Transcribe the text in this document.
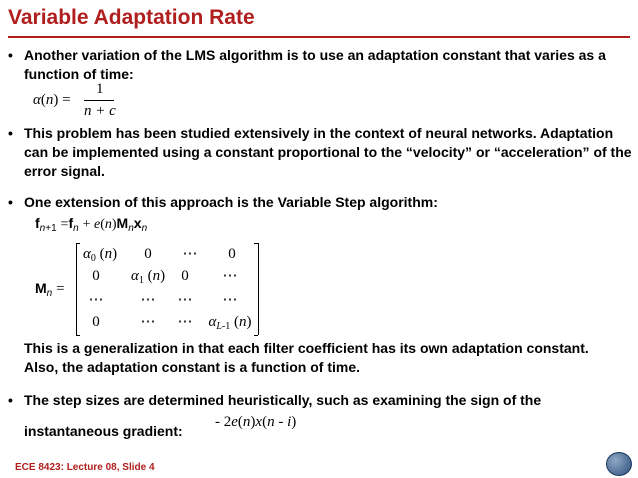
Variable Adaptation Rate
• Another variation of the LMS algorithm is to use an adaptation constant that varies as a function of time:
α(n) =
1
n + c
• This problem has been studied extensively in the context of neural networks. Adaptation can be implemented using a constant proportional to the “velocity” or “acceleration” of the error signal.
• One extension of this approach is the Variable Step algorithm:
$f_{n+1} =f_n + e(n)M_nx_n$
$M_n$ =
$\alpha_0$ (n)	0	⋯	0
0	$\alpha_1$ (n)	0	⋯
⋯	⋯	⋯	⋯
0	⋯	⋯	$\alpha_{L-1}$ (n)
This is a generalization in that each filter coefficient has its own adaptation constant. Also, the adaptation constant is a function of time.
• The step sizes are determined heuristically, such as examining the sign of the
instantaneous gradient:
- 2e(n)x(n - i)
ECE 8423: Lecture 08, Slide 4
